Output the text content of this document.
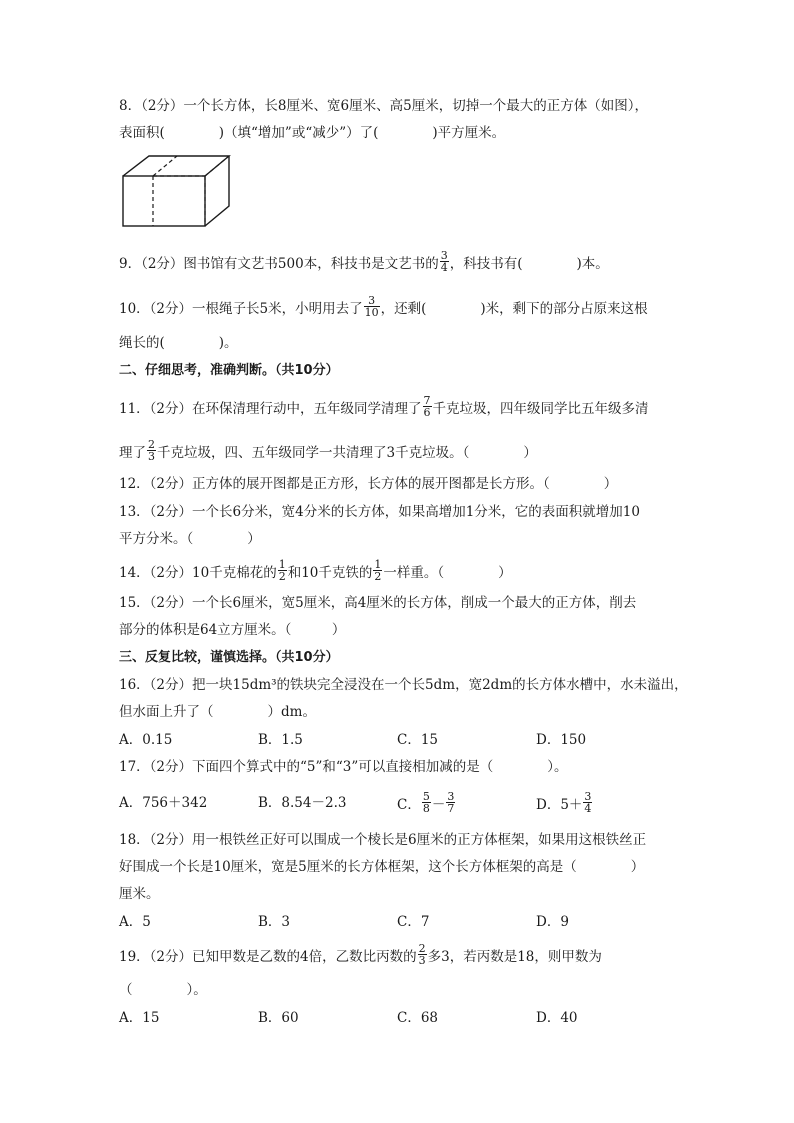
8．（2分）一个长方体，长8厘米、宽6厘米、高5厘米，切掉一个最大的正方体（如图），
表面积(　　　　)（填“增加”或“减少”）了(　　　　)平方厘米。
9．（2分）图书馆有文艺书500本，科技书是文艺书的 $\frac{3}{4}$ ，科技书有(　　　　)本。
10．（2分）一根绳子长5米，小明用去了 $\frac{3}{10}$ ，还剩(　　　　)米，剩下的部分占原来这根
绳长的(　　　　)。
二、仔细思考，准确判断。（共10分）
11．（2分）在环保清理行动中，五年级同学清理了 $\frac{7}{6}$ 千克垃圾，四年级同学比五年级多清
理了 $\frac{2}{3}$ 千克垃圾，四、五年级同学一共清理了3千克垃圾。（　　　　）
12．（2分）正方体的展开图都是正方形，长方体的展开图都是长方形。（　　　　）
13．（2分）一个长6分米，宽4分米的长方体，如果高增加1分米，它的表面积就增加10
平方分米。（　　　　）
14．（2分）10千克棉花的 $\frac{1}{2}$ 和10千克铁的 $\frac{1}{2}$ 一样重。（　　　　）
15．（2分）一个长6厘米，宽5厘米，高4厘米的长方体，削成一个最大的正方体，削去
部分的体积是64立方厘米。（　　　）
三、反复比较，谨慎选择。（共10分）
16．（2分）把一块15dm³的铁块完全浸没在一个长5dm，宽2dm的长方体水槽中，水未溢出，
但水面上升了（　　　　）dm。
A．0.15	B．1.5	C．15	D．150
17．（2分）下面四个算式中的“5”和“3”可以直接相加减的是（　　　　）。
A．756＋342	B．8.54－2.3	C． $\frac{5}{8} - \frac{3}{7}$	D．$5+ \frac{3}{4}$
18．（2分）用一根铁丝正好可以围成一个棱长是6厘米的正方体框架，如果用这根铁丝正
好围成一个长是10厘米，宽是5厘米的长方体框架，这个长方体框架的高是（　　　　）
厘米。
A．5	B．3	C．7	D．9
19．（2分）已知甲数是乙数的4倍，乙数比丙数的 $\frac{2}{3}$ 多3，若丙数是18，则甲数为
（　　　　）。
A．15	B．60	C．68	D．40
